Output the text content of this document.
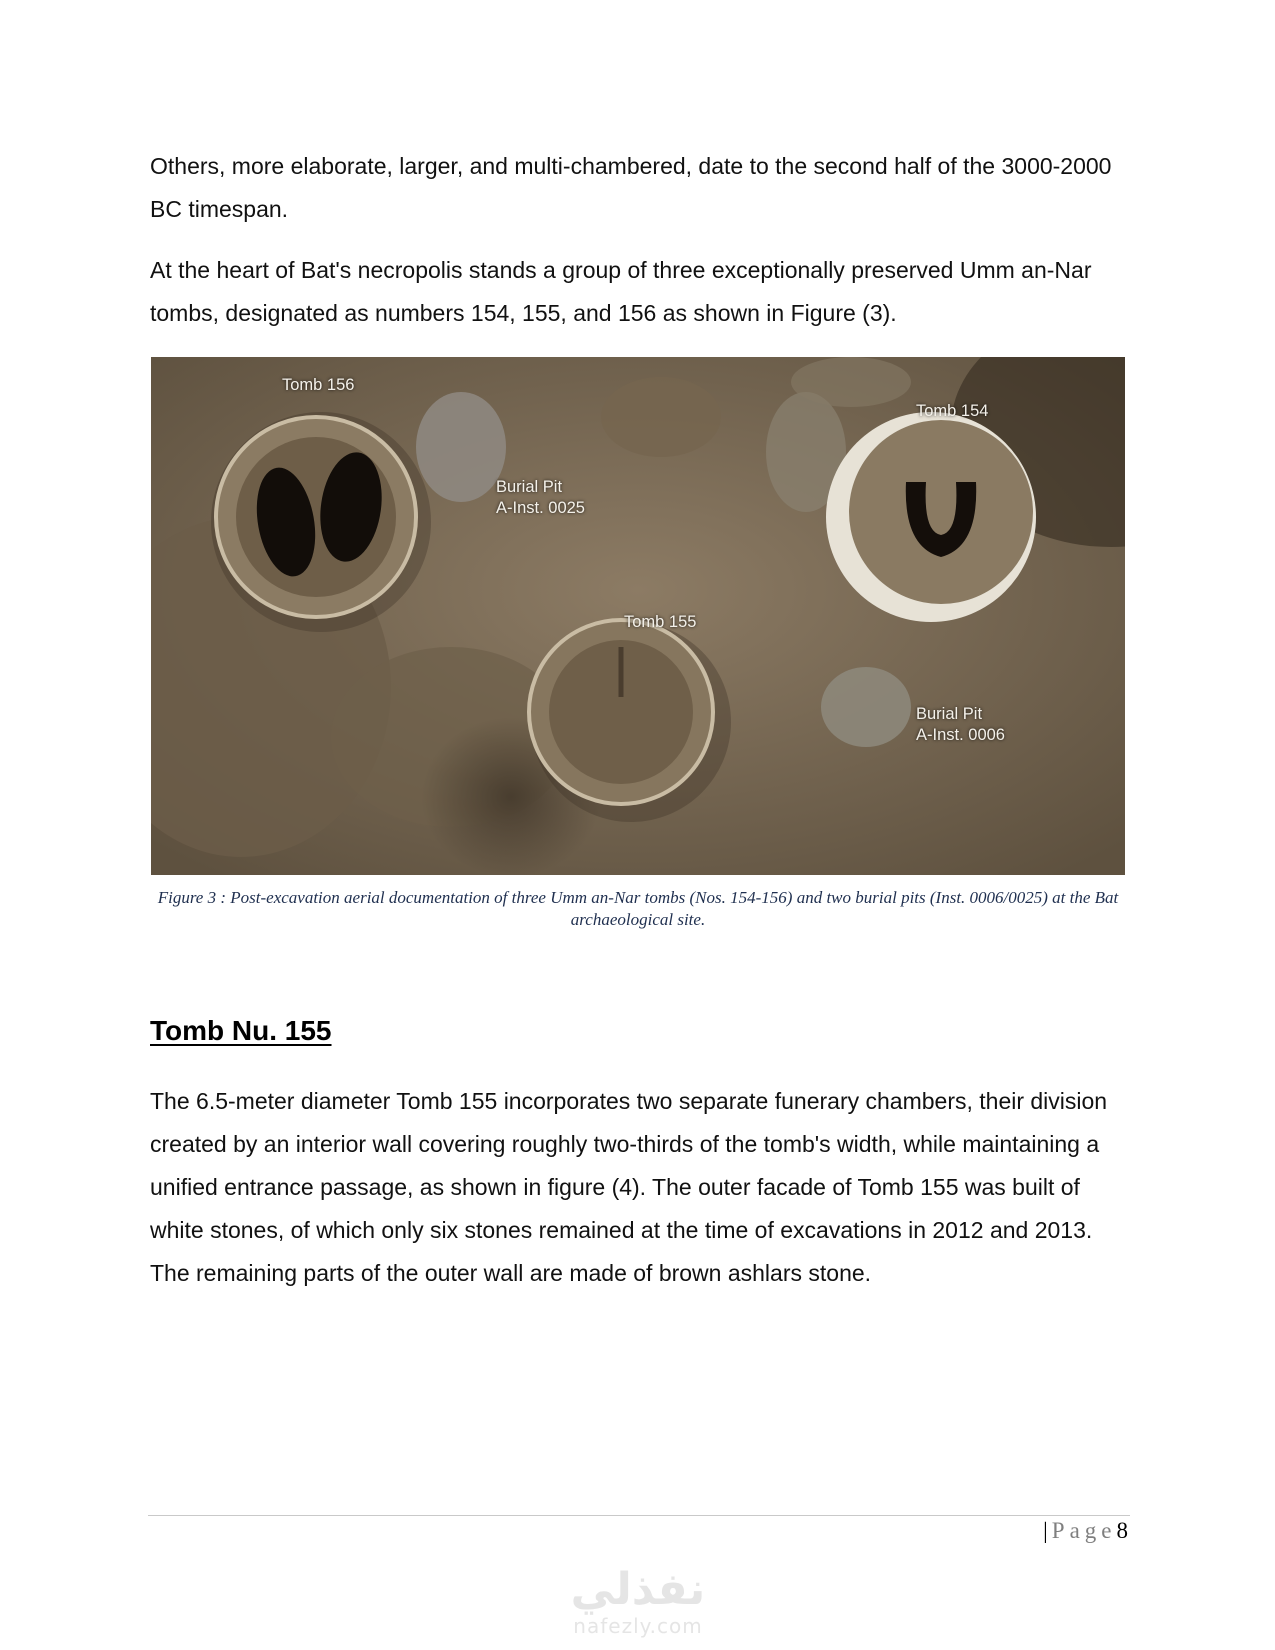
Others, more elaborate, larger, and multi-chambered, date to the second half of the 3000-2000 BC timespan.

At the heart of Bat's necropolis stands a group of three exceptionally preserved Umm an-Nar tombs, designated as numbers 154, 155, and 156 as shown in Figure (3).

Tomb 156
Tomb 154
Burial Pit
A-Inst. 0025
Tomb 155
Burial Pit
A-Inst. 0006
Figure 3 : Post-excavation aerial documentation of three Umm an-Nar tombs (Nos. 154-156) and two burial pits (Inst. 0006/0025) at the Bat archaeological site.
Tomb Nu. 155

The 6.5-meter diameter Tomb 155 incorporates two separate funerary chambers, their division created by an interior wall covering roughly two-thirds of the tomb's width, while maintaining a unified entrance passage, as shown in figure (4). The outer facade of Tomb 155 was built of white stones, of which only six stones remained at the time of excavations in 2012 and 2013. The remaining parts of the outer wall are made of brown ashlars stone.

|Page8
نفذلي
nafezly.com
